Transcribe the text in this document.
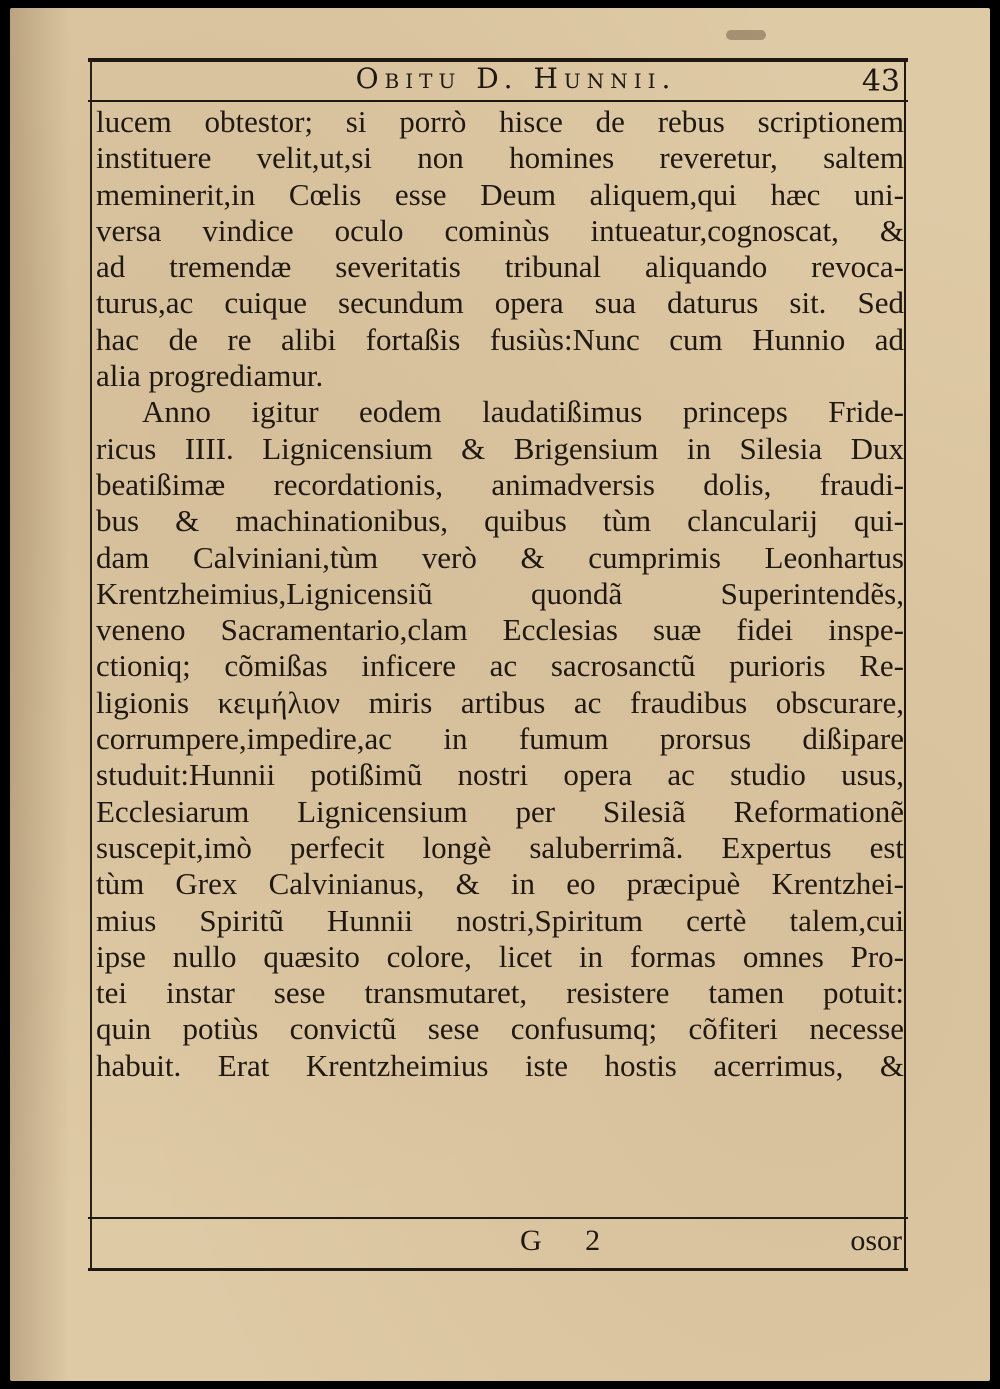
Obitu D. Hunnii.	43
lucem obtestor; si porrò hisce de rebus scriptionem
instituere velit,ut,si non homines reveretur, saltem
meminerit,in Cœlis esse Deum aliquem,qui hæc uni-
versa vindice oculo cominùs intueatur,cognoscat, &
ad tremendæ severitatis tribunal aliquando revoca-
turus,ac cuique secundum opera sua daturus sit. Sed
hac de re alibi fortaßis fusiùs:Nunc cum Hunnio ad
alia progrediamur.
Anno igitur eodem laudatißimus princeps Fride-
ricus IIII. Lignicensium & Brigensium in Silesia Dux
beatißimæ recordationis, animadversis dolis, fraudi-
bus & machinationibus, quibus tùm clancularij qui-
dam Calviniani,tùm verò & cumprimis Leonhartus
Krentzheimius,Lignicensiũ quondã Superintendẽs,
veneno Sacramentario,clam Ecclesias suæ fidei inspe-
ctioniq; cõmißas inficere ac sacrosanctũ purioris Re-
ligionis κειμήλιον miris artibus ac fraudibus obscurare,
corrumpere,impedire,ac in fumum prorsus dißipare
studuit:Hunnii potißimũ nostri opera ac studio usus,
Ecclesiarum Lignicensium per Silesiã Reformationẽ
suscepit,imò perfecit longè saluberrimã. Expertus est
tùm Grex Calvinianus, & in eo præcipuè Krentzhei-
mius Spiritũ Hunnii nostri,Spiritum certè talem,cui
ipse nullo quæsito colore, licet in formas omnes Pro-
tei instar sese transmutaret, resistere tamen potuit:
quin potiùs convictũ sese confusumq; cõfiteri necesse
habuit. Erat Krentzheimius iste hostis acerrimus, &
G 2	osor
